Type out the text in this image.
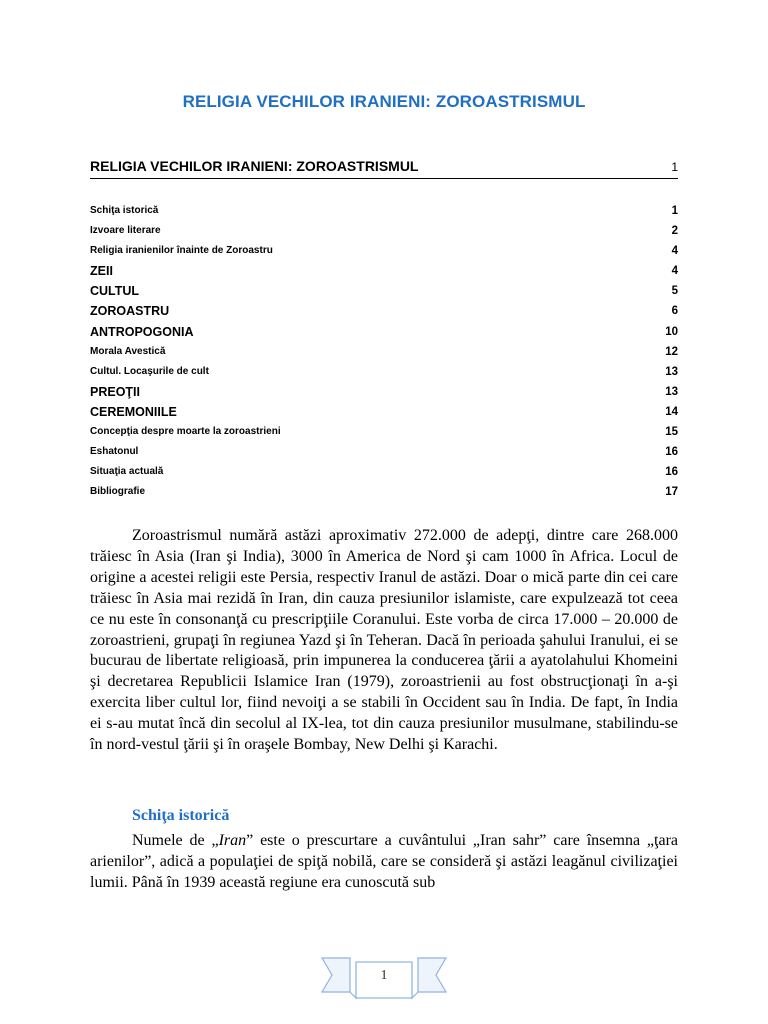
RELIGIA VECHILOR IRANIENI: ZOROASTRISMUL
RELIGIA VECHILOR IRANIENI: ZOROASTRISMUL	1
Schiţa istorică	1
Izvoare literare	2
Religia iranienilor înainte de Zoroastru	4
ZEII	4
CULTUL	5
ZOROASTRU	6
ANTROPOGONIA	10
Morala Avestică	12
Cultul. Locaşurile de cult	13
PREOŢII	13
CEREMONIILE	14
Concepţia despre moarte la zoroastrieni	15
Eshatonul	16
Situaţia actuală	16
Bibliografie	17

Zoroastrismul numără astăzi aproximativ 272.000 de adepţi, dintre care 268.000 trăiesc în Asia (Iran şi India), 3000 în America de Nord şi cam 1000 în Africa. Locul de origine a acestei religii este Persia, respectiv Iranul de astăzi. Doar o mică parte din cei care trăiesc în Asia mai rezidă în Iran, din cauza presiunilor islamiste, care expulzează tot ceea ce nu este în consonanţă cu prescripţiile Coranului. Este vorba de circa 17.000 – 20.000 de zoroastrieni, grupaţi în regiunea Yazd şi în Teheran. Dacă în perioada şahului Iranului, ei se bucurau de libertate religioasă, prin impunerea la conducerea ţării a ayatolahului Khomeini şi decretarea Republicii Islamice Iran (1979), zoroastrienii au fost obstrucţionaţi în a-şi exercita liber cultul lor, fiind nevoiţi a se stabili în Occident sau în India. De fapt, în India ei s-au mutat încă din secolul al IX-lea, tot din cauza presiunilor musulmane, stabilindu-se în nord-vestul ţării şi în oraşele Bombay, New Delhi şi Karachi.

Schiţa istorică

Numele de „Iran” este o prescurtare a cuvântului „Iran sahr” care însemna „ţara arienilor”, adică a populaţiei de spiţă nobilă, care se consideră şi astăzi leagănul civilizaţiei lumii. Până în 1939 această regiune era cunoscută sub

1
